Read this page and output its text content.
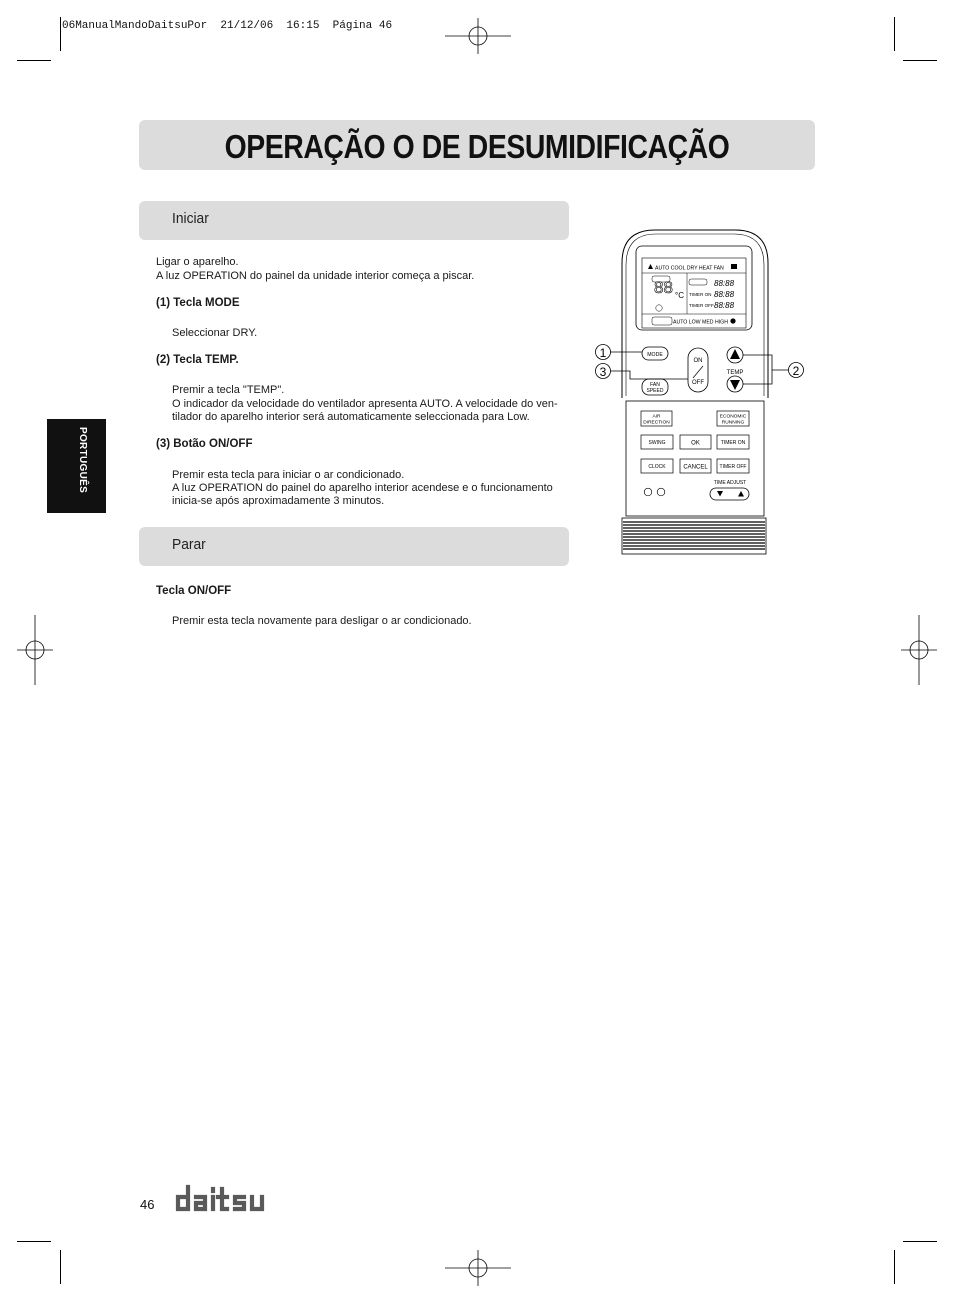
06ManualMandoDaitsuPor  21/12/06  16:15  Página 46
OPERAÇÃO O DE DESUMIDIFICAÇÃO
PORTUGUÊS
Iniciar
Ligar o aparelho.
A luz OPERATION do painel da unidade interior começa a piscar.
(1) Tecla MODE
Seleccionar DRY.
(2) Tecla TEMP.
Premir a tecla "TEMP".
O indicador da velocidade do ventilador apresenta AUTO. A velocidade do ven-
tilador do aparelho interior será automaticamente seleccionada para Low.
(3) Botão ON/OFF
Premir esta tecla para iniciar o ar condicionado.
A luz OPERATION do painel do aparelho interior acendese e o funcionamento
inicia-se após aproximadamente 3 minutos.
Parar
Tecla ON/OFF
Premir esta tecla novamente para desligar o ar condicionado.
AUTO COOL DRY HEAT FAN
88 °C
88:88
TIMER ON 88:88
TIMER OFF 88:88
AUTO LOW MED HIGH
MODE
FAN
SPEED
ON
OFF
TEMP
1
3	2
AIR
DIRECTION
ECONOMIC
RUNNING
SWING	OK	TIMER ON
CLOCK	CANCEL TIMER OFF
TIME ADJUST
46
